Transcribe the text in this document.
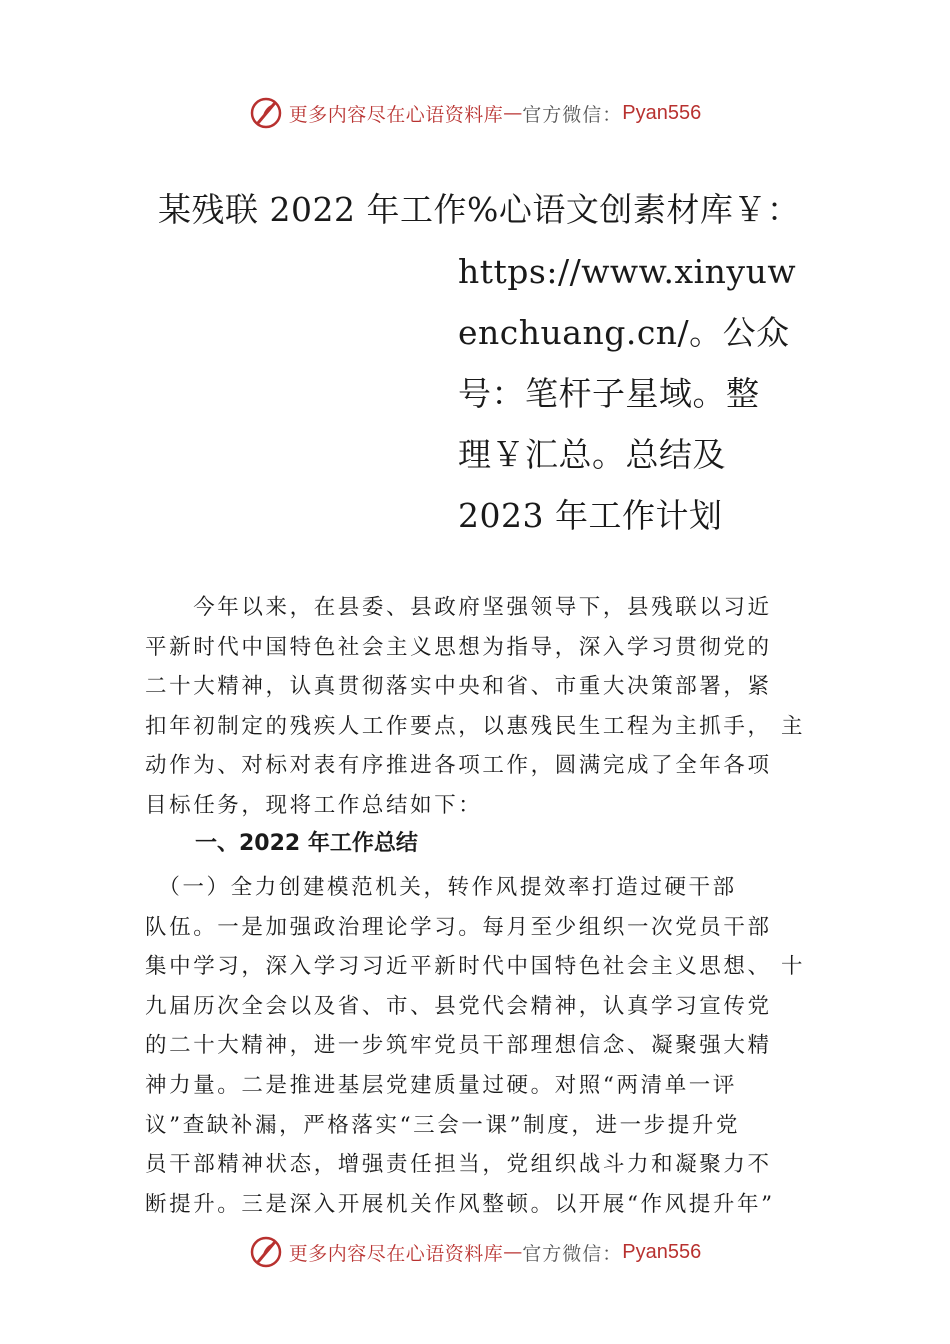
更多内容尽在心语资料库 — 官方微信： Pyan556
某残联 2022 年工作%心语文创素材库￥：
https://www.xinyuw
enchuang.cn/。公众
号：笔杆子星域。整
理￥汇总。总结及
2023 年工作计划
　　今年以来，在县委、县政府坚强领导下，县残联以习近
平新时代中国特色社会主义思想为指导，深入学习贯彻党的
二十大精神，认真贯彻落实中央和省、市重大决策部署，紧
扣年初制定的残疾人工作要点，以惠残民生工程为主抓手， 主
动作为、对标对表有序推进各项工作，圆满完成了全年各项
目标任务，现将工作总结如下：
一、2022 年工作总结
　（一）全力创建模范机关，转作风提效率打造过硬干部
队伍。一是加强政治理论学习。每月至少组织一次党员干部
集中学习，深入学习习近平新时代中国特色社会主义思想、 十
九届历次全会以及省、市、县党代会精神，认真学习宣传党
的二十大精神，进一步筑牢党员干部理想信念、凝聚强大精
神力量。二是推进基层党建质量过硬。对照“两清单一评
议”查缺补漏，严格落实“三会一课”制度，进一步提升党
员干部精神状态，增强责任担当，党组织战斗力和凝聚力不
断提升。三是深入开展机关作风整顿。以开展“作风提升年”
更多内容尽在心语资料库 — 官方微信： Pyan556
